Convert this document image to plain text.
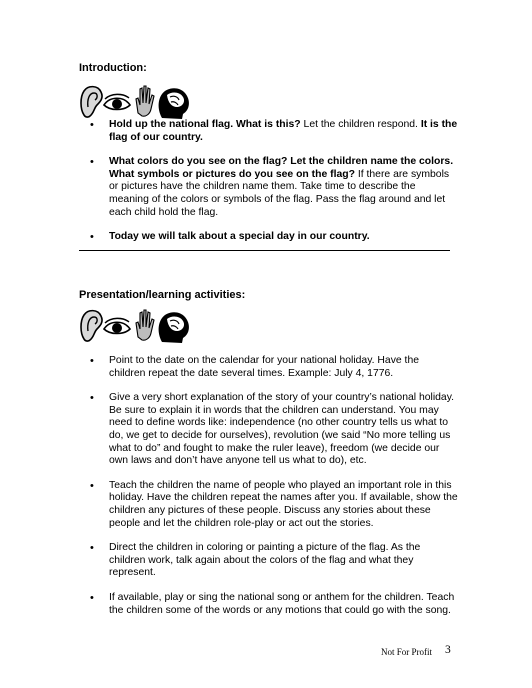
Introduction:
• Hold up the national flag. What is this? Let the children respond. It is the flag of our country.
• What colors do you see on the flag? Let the children name the colors. What symbols or pictures do you see on the flag? If there are symbols or pictures have the children name them. Take time to describe the meaning of the colors or symbols of the flag. Pass the flag around and let each child hold the flag.
• Today we will talk about a special day in our country.
Presentation/learning activities:
• Point to the date on the calendar for your national holiday. Have the children repeat the date several times. Example: July 4, 1776.
• Give a very short explanation of the story of your country’s national holiday. Be sure to explain it in words that the children can understand. You may need to define words like: independence (no other country tells us what to do, we get to decide for ourselves), revolution (we said “No more telling us what to do” and fought to make the ruler leave), freedom (we decide our own laws and don’t have anyone tell us what to do), etc.
• Teach the children the name of people who played an important role in this holiday. Have the children repeat the names after you. If available, show the children any pictures of these people. Discuss any stories about these people and let the children role-play or act out the stories.
• Direct the children in coloring or painting a picture of the flag. As the children work, talk again about the colors of the flag and what they represent.
• If available, play or sing the national song or anthem for the children. Teach the children some of the words or any motions that could go with the song.
Not For Profit 3
